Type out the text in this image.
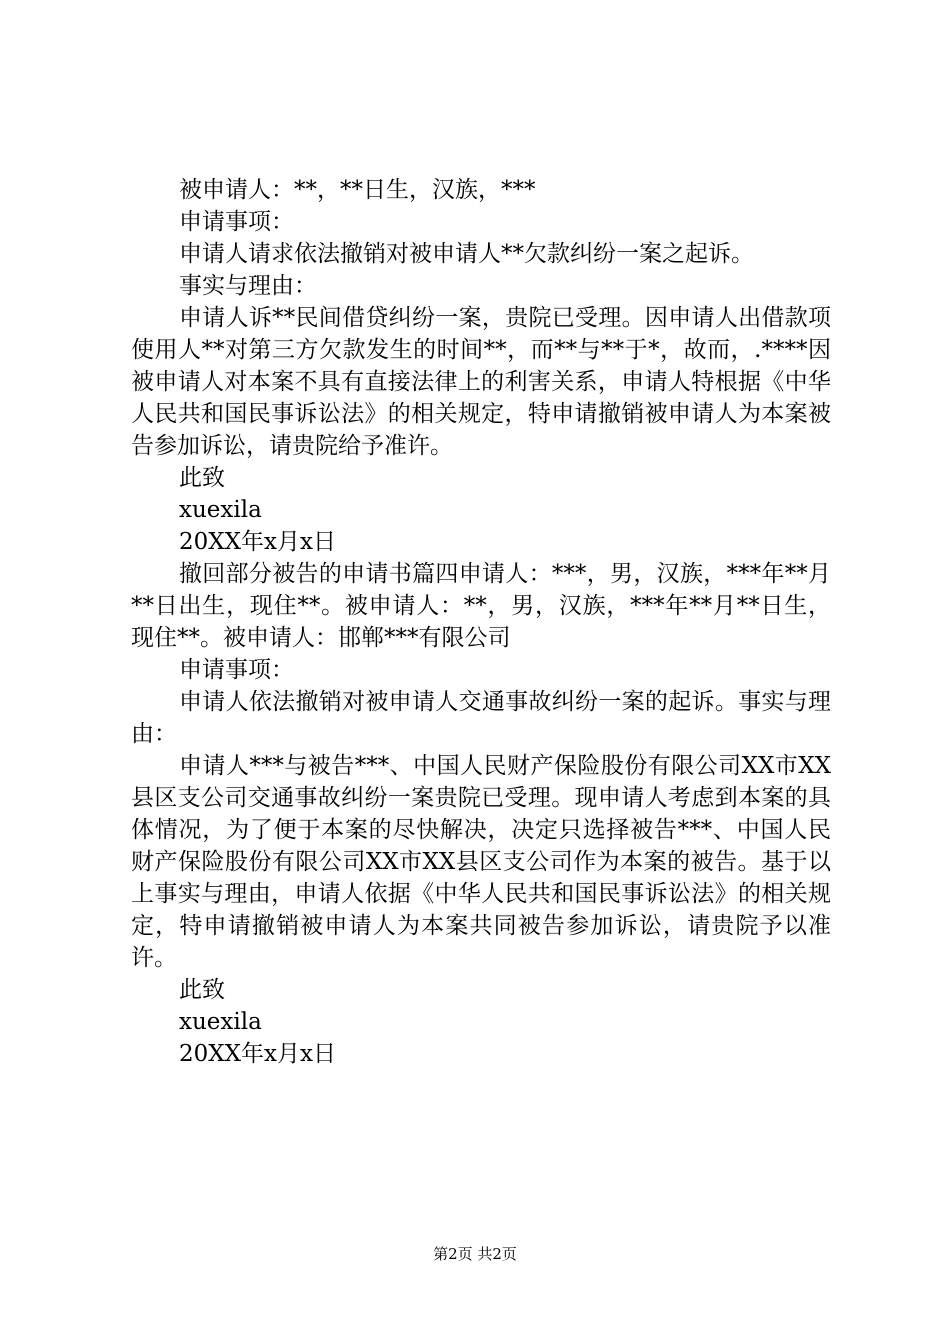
被申请人：**，**日生，汉族，***
申请事项：
申请人请求依法撤销对被申请人**欠款纠纷一案之起诉。
事实与理由：
申请人诉**民间借贷纠纷一案，贵院已受理。因申请人出借款项使用人**对第三方欠款发生的时间**，而**与**于*，故而，.****因被申请人对本案不具有直接法律上的利害关系，申请人特根据《中华人民共和国民事诉讼法》的相关规定，特申请撤销被申请人为本案被告参加诉讼，请贵院给予准许。
此致
xuexila
20XX年x月x日
撤回部分被告的申请书篇四申请人：***，男，汉族，***年**月**日出生，现住**。被申请人：**，男，汉族，***年**月**日生，现住**。被申请人：邯郸***有限公司
申请事项：
申请人依法撤销对被申请人交通事故纠纷一案的起诉。事实与理由：
申请人***与被告***、中国人民财产保险股份有限公司XX市XX县区支公司交通事故纠纷一案贵院已受理。现申请人考虑到本案的具体情况，为了便于本案的尽快解决，决定只选择被告***、中国人民财产保险股份有限公司XX市XX县区支公司作为本案的被告。基于以上事实与理由，申请人依据《中华人民共和国民事诉讼法》的相关规定，特申请撤销被申请人为本案共同被告参加诉讼，请贵院予以准许。
此致
xuexila
20XX年x月x日
第2页 共2页
